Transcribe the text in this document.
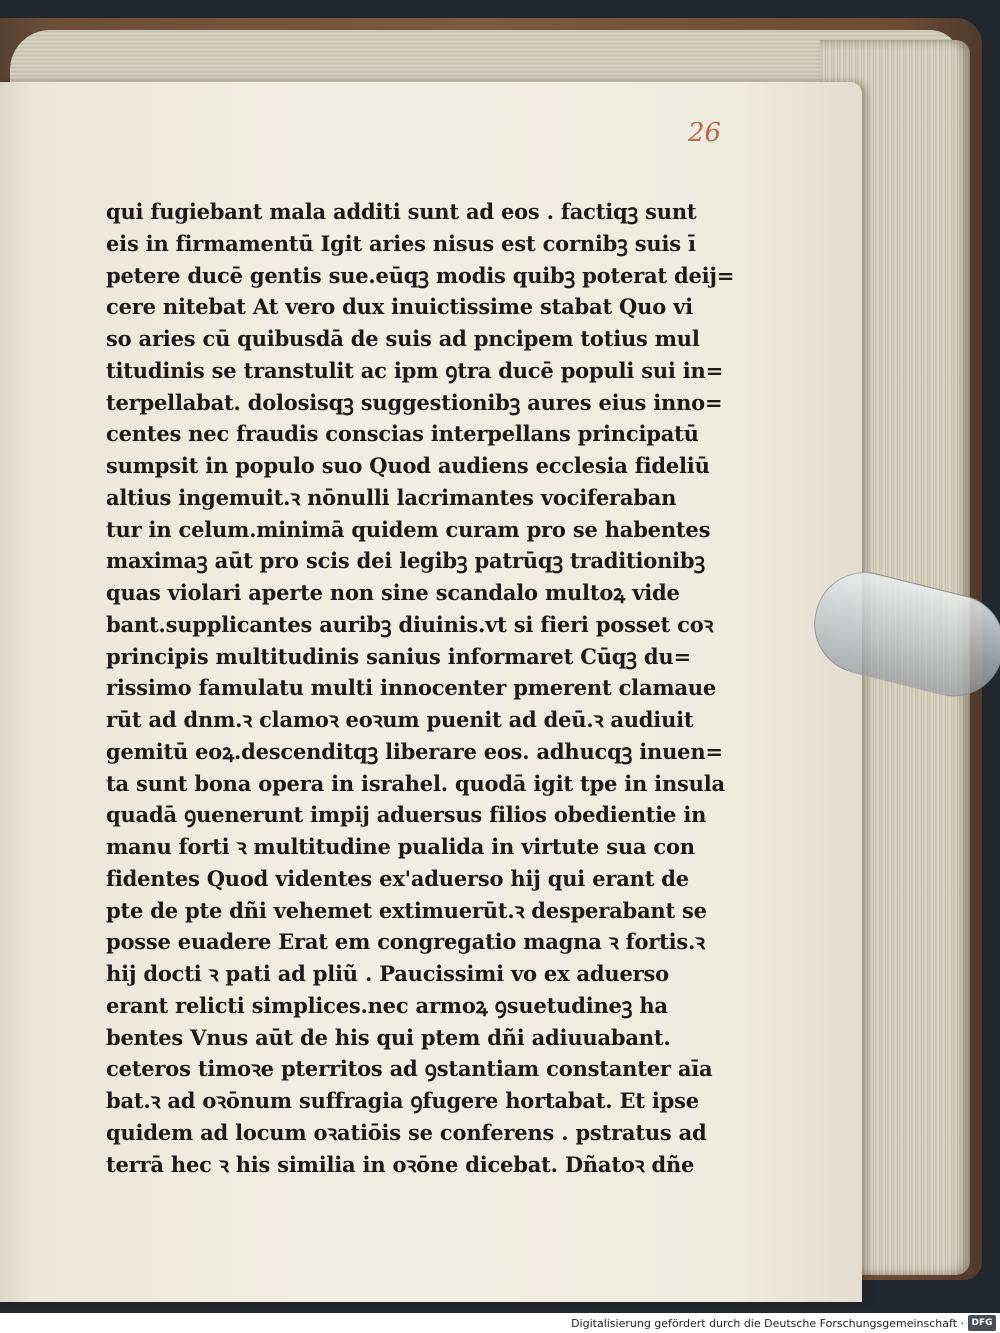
26
qui fugiebant mala additi sunt ad eos . factiqꝫ sunt
eis in firmamentū Igit aries nisus est cornibꝫ suis ī
petere ducē gentis sue.eūqꝫ modis quibꝫ poterat deij=
cere nitebat At vero dux inuictissime stabat Quo vi
so aries cū quibusdā de suis ad pncipem totius mul
titudinis se transtulit ac ipm ꝯtra ducē populi sui in=
terpellabat. dolosisqꝫ suggestionibꝫ aures eius inno=
centes nec fraudis conscias interpellans principatū
sumpsit in populo suo Quod audiens ecclesia fideliū
altius ingemuit.ꝛ nōnulli lacrimantes vociferaban
tur in celum.minimā quidem curam pro se habentes
maximaꝫ aūt pro scis dei legibꝫ patrūqꝫ traditionibꝫ
quas violari aperte non sine scandalo multoꝝ vide
bant.supplicantes auribꝫ diuinis.vt si fieri posset coꝛ
principis multitudinis sanius informaret Cūqꝫ du=
rissimo famulatu multi innocenter pmerent clamaue
rūt ad dnm.ꝛ clamoꝛ eoꝛum puenit ad deū.ꝛ audiuit
gemitū eoꝝ.descenditqꝫ liberare eos. adhucqꝫ inuen=
ta sunt bona opera in israhel. quodā igit tpe in insula
quadā ꝯuenerunt impij aduersus filios obedientie in
manu forti ꝛ multitudine pualida in virtute sua con
fidentes Quod videntes ex'aduerso hij qui erant de
pte de pte dñi vehemet extimuerūt.ꝛ desperabant se
posse euadere Erat em congregatio magna ꝛ fortis.ꝛ
hij docti ꝛ pati ad pliũ . Paucissimi vo ex aduerso
erant relicti simplices.nec armoꝝ ꝯsuetudineꝫ ha
bentes Vnus aūt de his qui ptem dñi adiuuabant.
ceteros timoꝛe pterritos ad ꝯstantiam constanter aīa
bat.ꝛ ad oꝛōnum suffragia ꝯfugere hortabat. Et ipse
quidem ad locum oꝛatiōis se conferens . pstratus ad
terrā hec ꝛ his similia in oꝛōne dicebat. Dñatoꝛ dñe
Digitalisierung gefördert durch die Deutsche Forschungsgemeinschaft · DFG
